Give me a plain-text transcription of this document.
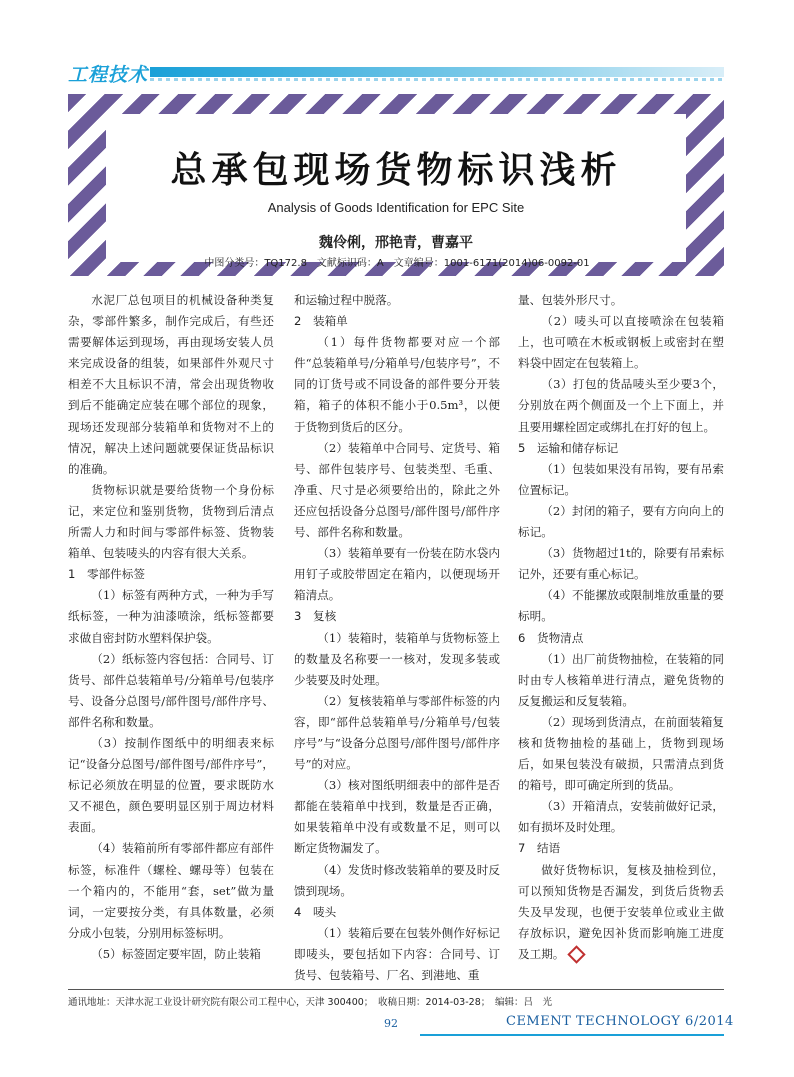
工程技术
总承包现场货物标识浅析
Analysis of Goods Identification for EPC Site
魏伶俐，邢艳青，曹嘉平
中图分类号：TQ172.8　文献标识码：A　文章编号：1001-6171(2014)06-0092-01

水泥厂总包项目的机械设备种类复杂，零部件繁多，制作完成后，有些还需要解体运到现场，再由现场安装人员来完成设备的组装，如果部件外观尺寸相差不大且标识不清，常会出现货物收到后不能确定应装在哪个部位的现象，现场还发现部分装箱单和货物对不上的情况，解决上述问题就要保证货品标识的准确。

货物标识就是要给货物一个身份标记，来定位和鉴别货物，货物到后清点所需人力和时间与零部件标签、货物装箱单、包装唛头的内容有很大关系。

1　零部件标签

（1）标签有两种方式，一种为手写纸标签，一种为油漆喷涂，纸标签都要求做自密封防水塑料保护袋。

（2）纸标签内容包括：合同号、订货号、部件总装箱单号/分箱单号/包装序号、设备分总图号/部件图号/部件序号、部件名称和数量。

（3）按制作图纸中的明细表来标记“设备分总图号/部件图号/部件序号”，标记必须放在明显的位置，要求既防水又不褪色，颜色要明显区别于周边材料表面。

（4）装箱前所有零部件都应有部件标签，标准件（螺栓、螺母等）包装在一个箱内的，不能用“套，set”做为量词，一定要按分类，有具体数量，必须分成小包装，分别用标签标明。

（5）标签固定要牢固，防止装箱

和运输过程中脱落。

2　装箱单

（1）每件货物都要对应一个部件“总装箱单号/分箱单号/包装序号”，不同的订货号或不同设备的部件要分开装箱，箱子的体积不能小于0.5m³，以便于货物到货后的区分。

（2）装箱单中合同号、定货号、箱号、部件包装序号、包装类型、毛重、净重、尺寸是必须要给出的，除此之外还应包括设备分总图号/部件图号/部件序号、部件名称和数量。

（3）装箱单要有一份装在防水袋内用钉子或胶带固定在箱内，以便现场开箱清点。

3　复核

（1）装箱时，装箱单与货物标签上的数量及名称要一一核对，发现多装或少装要及时处理。

（2）复核装箱单与零部件标签的内容，即“部件总装箱单号/分箱单号/包装序号”与“设备分总图号/部件图号/部件序号”的对应。

（3）核对图纸明细表中的部件是否都能在装箱单中找到，数量是否正确，如果装箱单中没有或数量不足，则可以断定货物漏发了。

（4）发货时修改装箱单的要及时反馈到现场。

4　唛头

（1）装箱后要在包装外侧作好标记即唛头，要包括如下内容：合同号、订货号、包装箱号、厂名、到港地、重

量、包装外形尺寸。

（2）唛头可以直接喷涂在包装箱上，也可喷在木板或钢板上或密封在塑料袋中固定在包装箱上。

（3）打包的货品唛头至少要3个，分别放在两个侧面及一个上下面上，并且要用螺栓固定或绑扎在打好的包上。

5　运输和储存标记

（1）包装如果没有吊钩，要有吊索位置标记。

（2）封闭的箱子，要有方向向上的标记。

（3）货物超过1t的，除要有吊索标记外，还要有重心标记。

（4）不能摞放或限制堆放重量的要标明。

6　货物清点

（1）出厂前货物抽检，在装箱的同时由专人核箱单进行清点，避免货物的反复搬运和反复装箱。

（2）现场到货清点，在前面装箱复核和货物抽检的基础上，货物到现场后，如果包装没有破损，只需清点到货的箱号，即可确定所到的货品。

（3）开箱清点，安装前做好记录，如有损坏及时处理。

7　结语

做好货物标识，复核及抽检到位，可以预知货物是否漏发，到货后货物丢失及早发现，也便于安装单位或业主做存放标识，避免因补货而影响施工进度及工期。

通讯地址：天津水泥工业设计研究院有限公司工程中心，天津 300400；　收稿日期：2014-03-28；　编辑：吕　光
92	CEMENT TECHNOLOGY 6/2014
